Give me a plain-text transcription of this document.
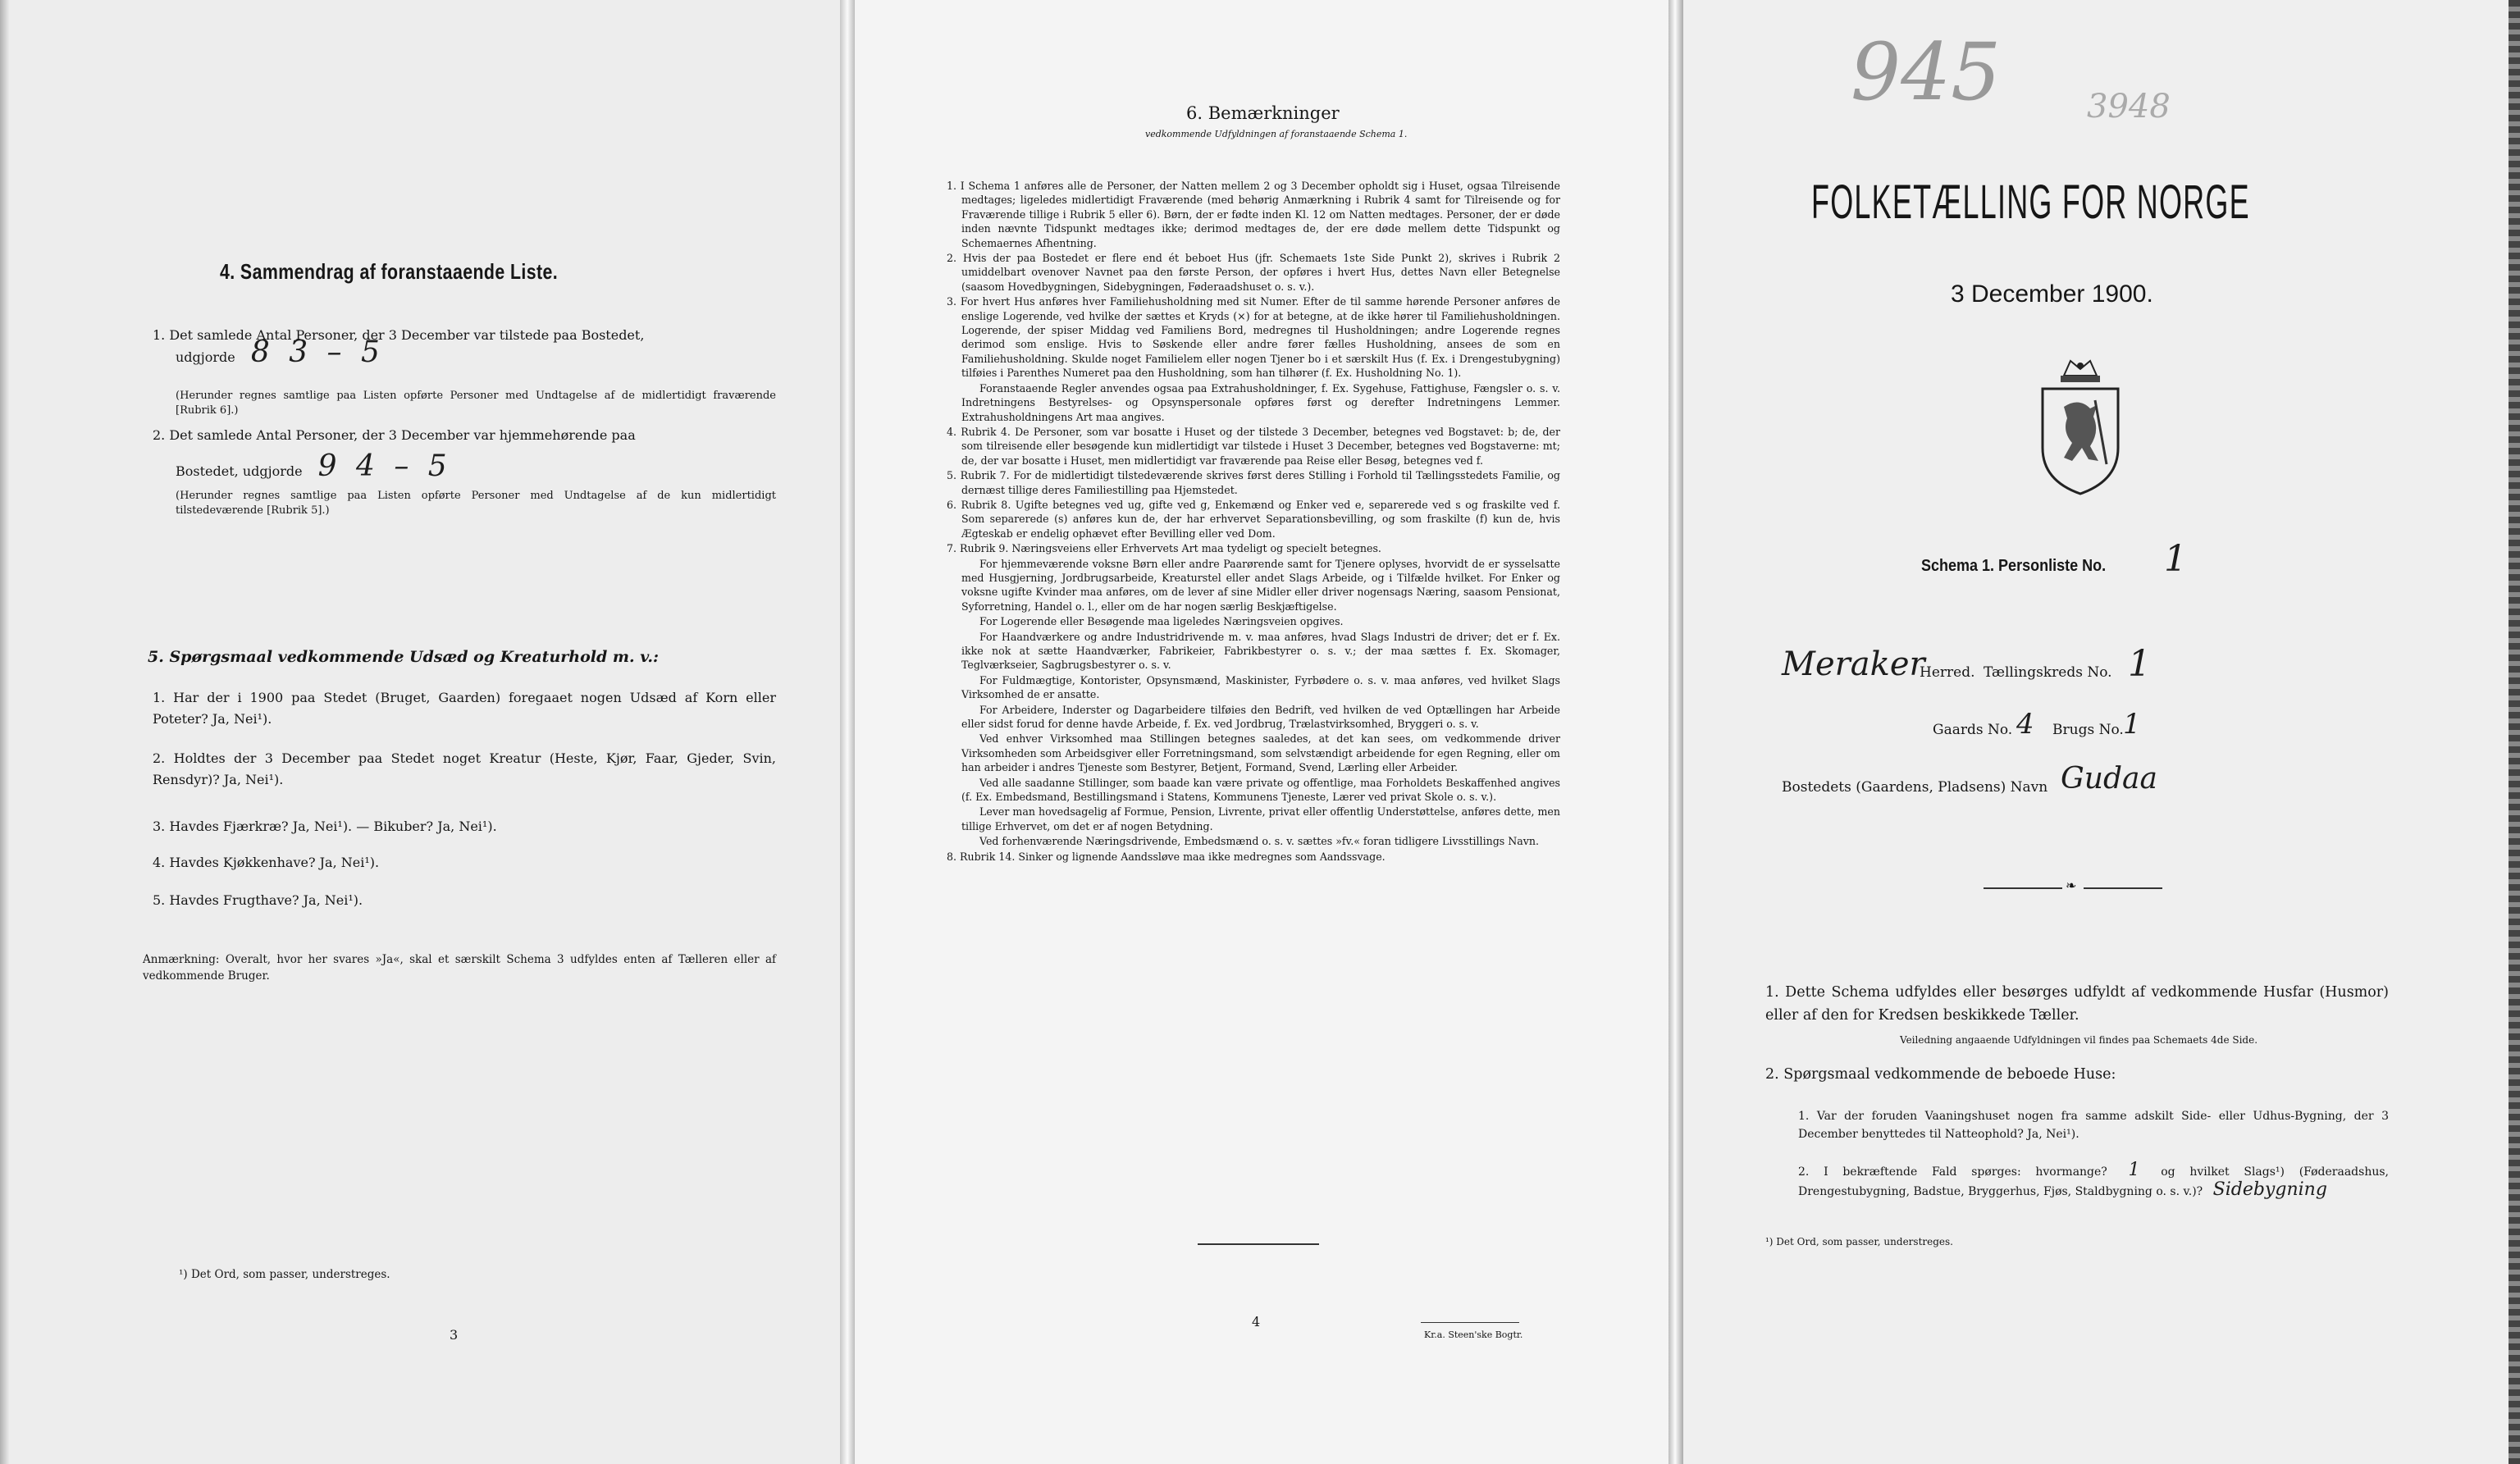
4. Sammendrag af foranstaaende Liste.
1. Det samlede Antal Personer, der 3 December var tilstede paa Bostedet,
udgjorde 8 3 – 5
(Herunder regnes samtlige paa Listen opførte Personer med Undtagelse af de midlertidigt fraværende [Rubrik 6].)
2. Det samlede Antal Personer, der 3 December var hjemmehørende paa
Bostedet, udgjorde 9 4 – 5
(Herunder regnes samtlige paa Listen opførte Personer med Undtagelse af de kun midlertidigt tilstedeværende [Rubrik 5].)
5. Spørgsmaal vedkommende Udsæd og Kreaturhold m. v.:
1. Har der i 1900 paa Stedet (Bruget, Gaarden) foregaaet nogen Udsæd af Korn eller Poteter? Ja, Nei¹).
2. Holdtes der 3 December paa Stedet noget Kreatur (Heste, Kjør, Faar, Gjeder, Svin, Rensdyr)? Ja, Nei¹).
3. Havdes Fjærkræ? Ja, Nei¹). — Bikuber? Ja, Nei¹).
4. Havdes Kjøkkenhave? Ja, Nei¹).
5. Havdes Frugthave? Ja, Nei¹).
Anmærkning: Overalt, hvor her svares »Ja«, skal et særskilt Schema 3 udfyldes enten af Tælleren eller af vedkommende Bruger.
¹) Det Ord, som passer, understreges.
3
6. Bemærkninger
vedkommende Udfyldningen af foranstaaende Schema 1.
1. I Schema 1 anføres alle de Personer, der Natten mellem 2 og 3 December opholdt sig i Huset, ogsaa Tilreisende medtages; ligeledes midlertidigt Fraværende (med behørig Anmærkning i Rubrik 4 samt for Tilreisende og for Fraværende tillige i Rubrik 5 eller 6). Børn, der er fødte inden Kl. 12 om Natten medtages. Personer, der er døde inden nævnte Tidspunkt medtages ikke; derimod medtages de, der ere døde mellem dette Tidspunkt og Schemaernes Afhentning.
2. Hvis der paa Bostedet er flere end ét beboet Hus (jfr. Schemaets 1ste Side Punkt 2), skrives i Rubrik 2 umiddelbart ovenover Navnet paa den første Person, der opføres i hvert Hus, dettes Navn eller Betegnelse (saasom Hovedbygningen, Sidebygningen, Føderaadshuset o. s. v.).
3. For hvert Hus anføres hver Familiehusholdning med sit Numer. Efter de til samme hørende Personer anføres de enslige Logerende, ved hvilke der sættes et Kryds (×) for at betegne, at de ikke hører til Familiehusholdningen. Logerende, der spiser Middag ved Familiens Bord, medregnes til Husholdningen; andre Logerende regnes derimod som enslige. Hvis to Søskende eller andre fører fælles Husholdning, ansees de som en Familiehusholdning. Skulde noget Familielem eller nogen Tjener bo i et særskilt Hus (f. Ex. i Drengestubygning) tilføies i Parenthes Numeret paa den Husholdning, som han tilhører (f. Ex. Husholdning No. 1).
Foranstaaende Regler anvendes ogsaa paa Extrahusholdninger, f. Ex. Sygehuse, Fattighuse, Fængsler o. s. v. Indretningens Bestyrelses- og Opsynspersonale opføres først og derefter Indretningens Lemmer. Extrahusholdningens Art maa angives.
4. Rubrik 4. De Personer, som var bosatte i Huset og der tilstede 3 December, betegnes ved Bogstavet: b; de, der som tilreisende eller besøgende kun midlertidigt var tilstede i Huset 3 December, betegnes ved Bogstaverne: mt; de, der var bosatte i Huset, men midlertidigt var fraværende paa Reise eller Besøg, betegnes ved f.
5. Rubrik 7. For de midlertidigt tilstedeværende skrives først deres Stilling i Forhold til Tællingsstedets Familie, og dernæst tillige deres Familiestilling paa Hjemstedet.
6. Rubrik 8. Ugifte betegnes ved ug, gifte ved g, Enkemænd og Enker ved e, separerede ved s og fraskilte ved f. Som separerede (s) anføres kun de, der har erhvervet Separationsbevilling, og som fraskilte (f) kun de, hvis Ægteskab er endelig ophævet efter Bevilling eller ved Dom.
7. Rubrik 9. Næringsveiens eller Erhvervets Art maa tydeligt og specielt betegnes.
For hjemmeværende voksne Børn eller andre Paarørende samt for Tjenere oplyses, hvorvidt de er sysselsatte med Husgjerning, Jordbrugsarbeide, Kreaturstel eller andet Slags Arbeide, og i Tilfælde hvilket. For Enker og voksne ugifte Kvinder maa anføres, om de lever af sine Midler eller driver nogensags Næring, saasom Pensionat, Syforretning, Handel o. l., eller om de har nogen særlig Beskjæftigelse.
For Logerende eller Besøgende maa ligeledes Næringsveien opgives.
For Haandværkere og andre Industridrivende m. v. maa anføres, hvad Slags Industri de driver; det er f. Ex. ikke nok at sætte Haandværker, Fabrikeier, Fabrikbestyrer o. s. v.; der maa sættes f. Ex. Skomager, Teglværkseier, Sagbrugsbestyrer o. s. v.
For Fuldmægtige, Kontorister, Opsynsmænd, Maskinister, Fyrbødere o. s. v. maa anføres, ved hvilket Slags Virksomhed de er ansatte.
For Arbeidere, Inderster og Dagarbeidere tilføies den Bedrift, ved hvilken de ved Optællingen har Arbeide eller sidst forud for denne havde Arbeide, f. Ex. ved Jordbrug, Trælastvirksomhed, Bryggeri o. s. v.
Ved enhver Virksomhed maa Stillingen betegnes saaledes, at det kan sees, om vedkommende driver Virksomheden som Arbeidsgiver eller Forretningsmand, som selvstændigt arbeidende for egen Regning, eller om han arbeider i andres Tjeneste som Bestyrer, Betjent, Formand, Svend, Lærling eller Arbeider.
Ved alle saadanne Stillinger, som baade kan være private og offentlige, maa Forholdets Beskaffenhed angives (f. Ex. Embedsmand, Bestillingsmand i Statens, Kommunens Tjeneste, Lærer ved privat Skole o. s. v.).
Lever man hovedsagelig af Formue, Pension, Livrente, privat eller offentlig Understøttelse, anføres dette, men tillige Erhvervet, om det er af nogen Betydning.
Ved forhenværende Næringsdrivende, Embedsmænd o. s. v. sættes »fv.« foran tidligere Livsstillings Navn.
8. Rubrik 14. Sinker og lignende Aandssløve maa ikke medregnes som Aandssvage.
4
Kr.a. Steen'ske Bogtr.
945	3948
FOLKETÆLLING FOR NORGE
3 December 1900.
Schema 1. Personliste No. 1
Meraker
Herred. Tællingskreds No. 1
Gaards No. 4 Brugs No. 1
Bostedets (Gaardens, Pladsens) Navn Gudaa
❧
1. Dette Schema udfyldes eller besørges udfyldt af vedkommende Husfar (Husmor) eller af den for Kredsen beskikkede Tæller.
Veiledning angaaende Udfyldningen vil findes paa Schemaets 4de Side.
2. Spørgsmaal vedkommende de beboede Huse:
1. Var der foruden Vaaningshuset nogen fra samme adskilt Side- eller Udhus-Bygning, der 3 December benyttedes til Natteophold? Ja, Nei¹).
2. I bekræftende Fald spørges: hvormange? 1 og hvilket Slags¹) (Føderaadshus, Drengestubygning, Badstue, Bryggerhus, Fjøs, Staldbygning o. s. v.)? Sidebygning
¹) Det Ord, som passer, understreges.
